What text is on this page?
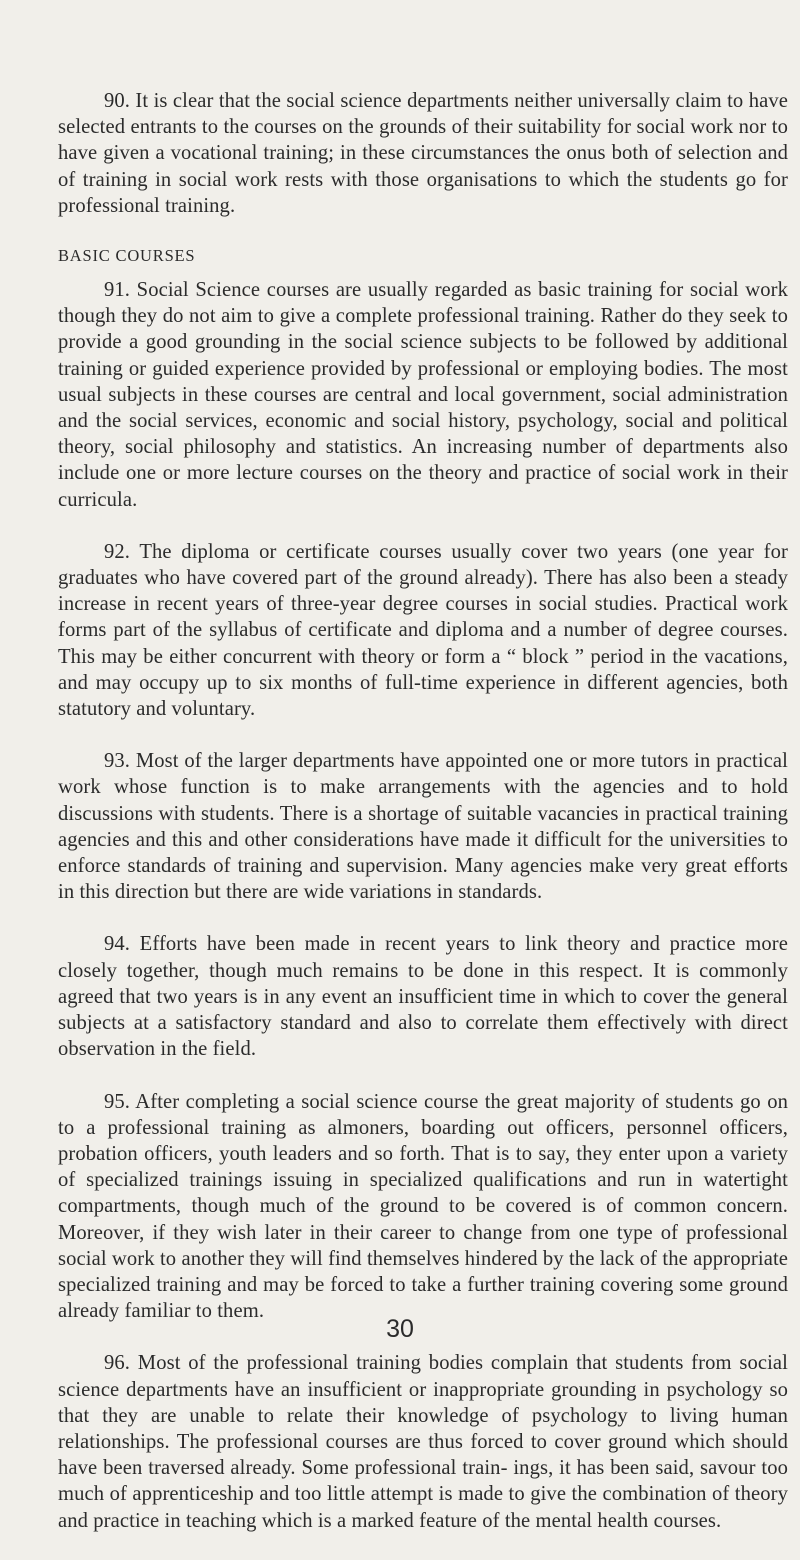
90. It is clear that the social science departments neither universally claim to have selected entrants to the courses on the grounds of their suitability for social work nor to have given a vocational training; in these circumstances the onus both of selection and of training in social work rests with those organisations to which the students go for professional training.

BASIC COURSES

91. Social Science courses are usually regarded as basic training for social work though they do not aim to give a complete professional training. Rather do they seek to provide a good grounding in the social science subjects to be followed by additional training or guided experience provided by professional or employing bodies. The most usual subjects in these courses are central and local government, social administration and the social services, economic and social history, psychology, social and political theory, social philosophy and statistics. An increasing number of departments also include one or more lecture courses on the theory and practice of social work in their curricula.

92. The diploma or certificate courses usually cover two years (one year for graduates who have covered part of the ground already). There has also been a steady increase in recent years of three-year degree courses in social studies. Practical work forms part of the syllabus of certificate and diploma and a number of degree courses. This may be either concurrent with theory or form a “ block ” period in the vacations, and may occupy up to six months of full-time experience in different agencies, both statutory and voluntary.

93. Most of the larger departments have appointed one or more tutors in practical work whose function is to make arrangements with the agencies and to hold discussions with students. There is a shortage of suitable vacancies in practical training agencies and this and other considerations have made it difficult for the universities to enforce standards of training and supervision. Many agencies make very great efforts in this direction but there are wide variations in standards.

94. Efforts have been made in recent years to link theory and practice more closely together, though much remains to be done in this respect. It is commonly agreed that two years is in any event an insufficient time in which to cover the general subjects at a satisfactory standard and also to correlate them effectively with direct observation in the field.

95. After completing a social science course the great majority of students go on to a professional training as almoners, boarding out officers, personnel officers, probation officers, youth leaders and so forth. That is to say, they enter upon a variety of specialized trainings issuing in specialized qualifications and run in watertight compartments, though much of the ground to be covered is of common concern. Moreover, if they wish later in their career to change from one type of professional social work to another they will find themselves hindered by the lack of the appropriate specialized training and may be forced to take a further training covering some ground already familiar to them.

96. Most of the professional training bodies complain that students from social science departments have an insufficient or inappropriate grounding in psychology so that they are unable to relate their knowledge of psychology to living human relationships. The professional courses are thus forced to cover ground which should have been traversed already. Some professional train- ings, it has been said, savour too much of apprenticeship and too little attempt is made to give the combination of theory and practice in teaching which is a marked feature of the mental health courses.

30
